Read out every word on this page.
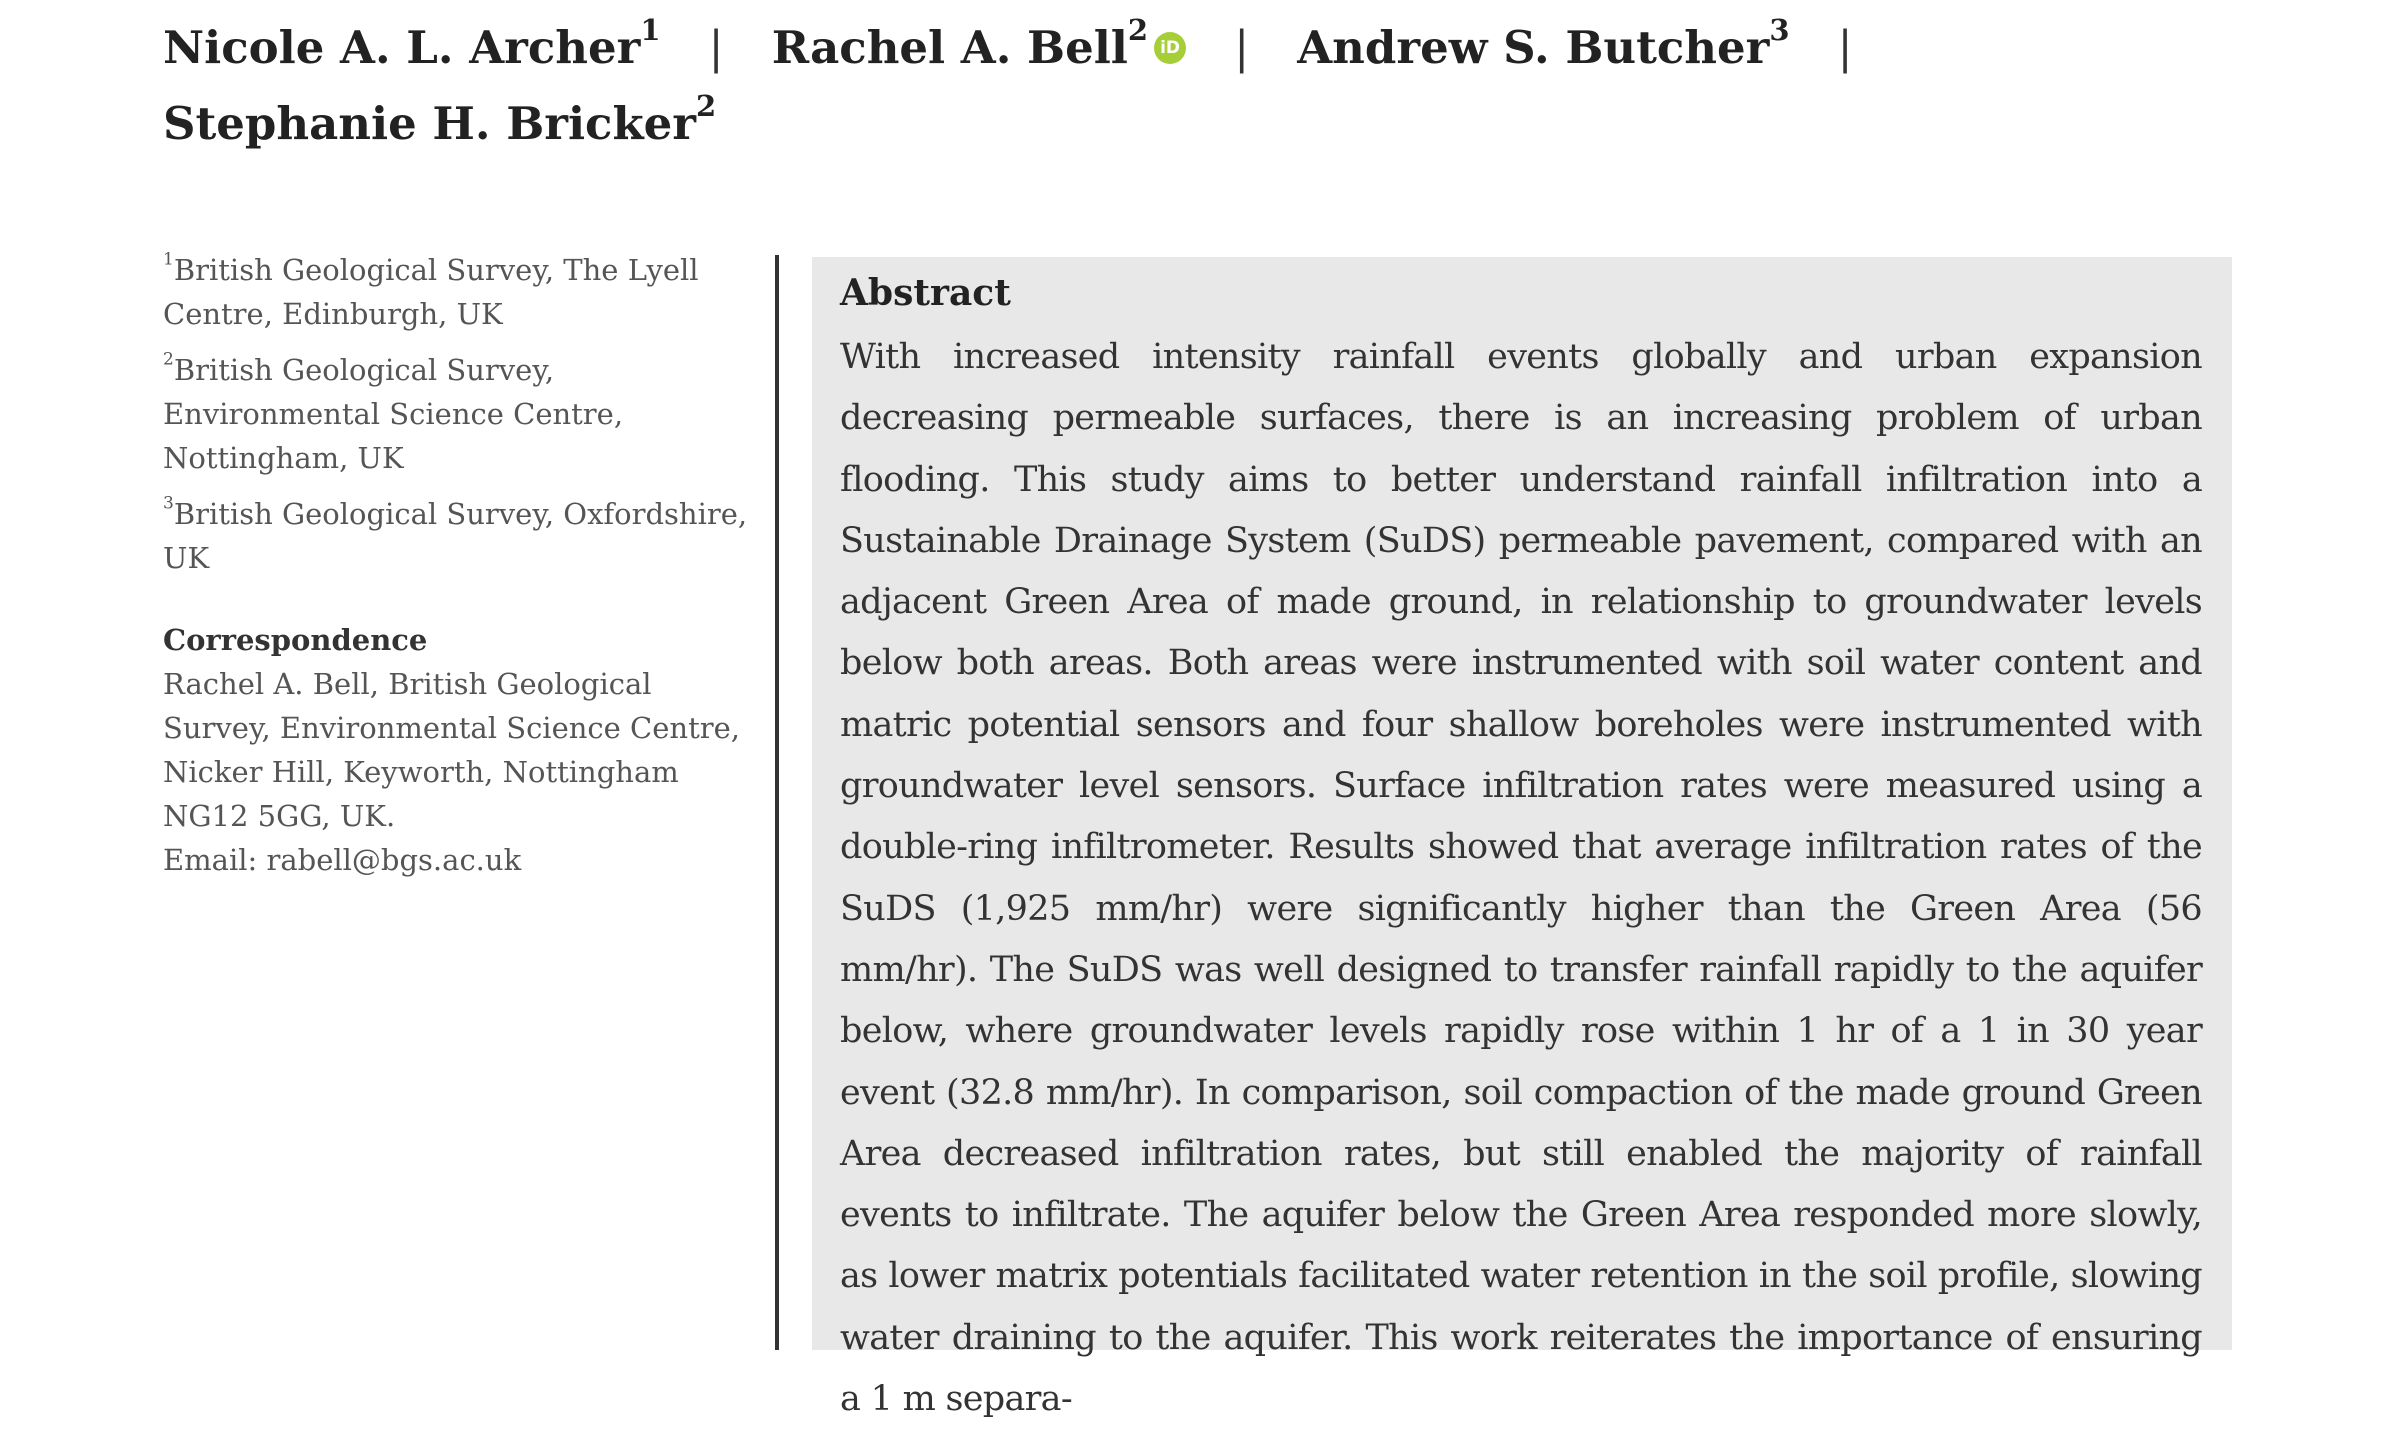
Nicole A. L. Archer$^1$ | Rachel A. Bell$^2$iD | Andrew S. Butcher$^3$ |
Stephanie H. Bricker$^2$
$^1$British Geological Survey, The Lyell Centre, Edinburgh, UK
$^2$British Geological Survey, Environmental Science Centre, Nottingham, UK
$^3$British Geological Survey, Oxfordshire, UK
Correspondence
Rachel A. Bell, British Geological Survey, Environmental Science Centre, Nicker Hill, Keyworth, Nottingham NG12 5GG, UK.
Email: rabell@bgs.ac.uk
Abstract

With increased intensity rainfall events globally and urban expansion decreasing permeable surfaces, there is an increasing problem of urban flooding. This study aims to better understand rainfall infiltration into a Sustainable Drainage System (SuDS) permeable pavement, compared with an adjacent Green Area of made ground, in relationship to groundwater levels below both areas. Both areas were instrumented with soil water content and matric potential sensors and four shallow boreholes were instrumented with groundwater level sensors. Surface infiltration rates were measured using a double-ring infiltrometer. Results showed that average infiltration rates of the SuDS (1,925 mm/hr) were significantly higher than the Green Area (56 mm/hr). The SuDS was well designed to transfer rainfall rapidly to the aquifer below, where groundwater levels rapidly rose within 1 hr of a 1 in 30 year event (32.8 mm/hr). In comparison, soil compaction of the made ground Green Area decreased infiltration rates, but still enabled the majority of rainfall events to infiltrate. The aquifer below the Green Area responded more slowly, as lower matrix potentials facilitated water retention in the soil profile, slowing water draining to the aquifer. This work reiterates the importance of ensuring a 1 m separa-
